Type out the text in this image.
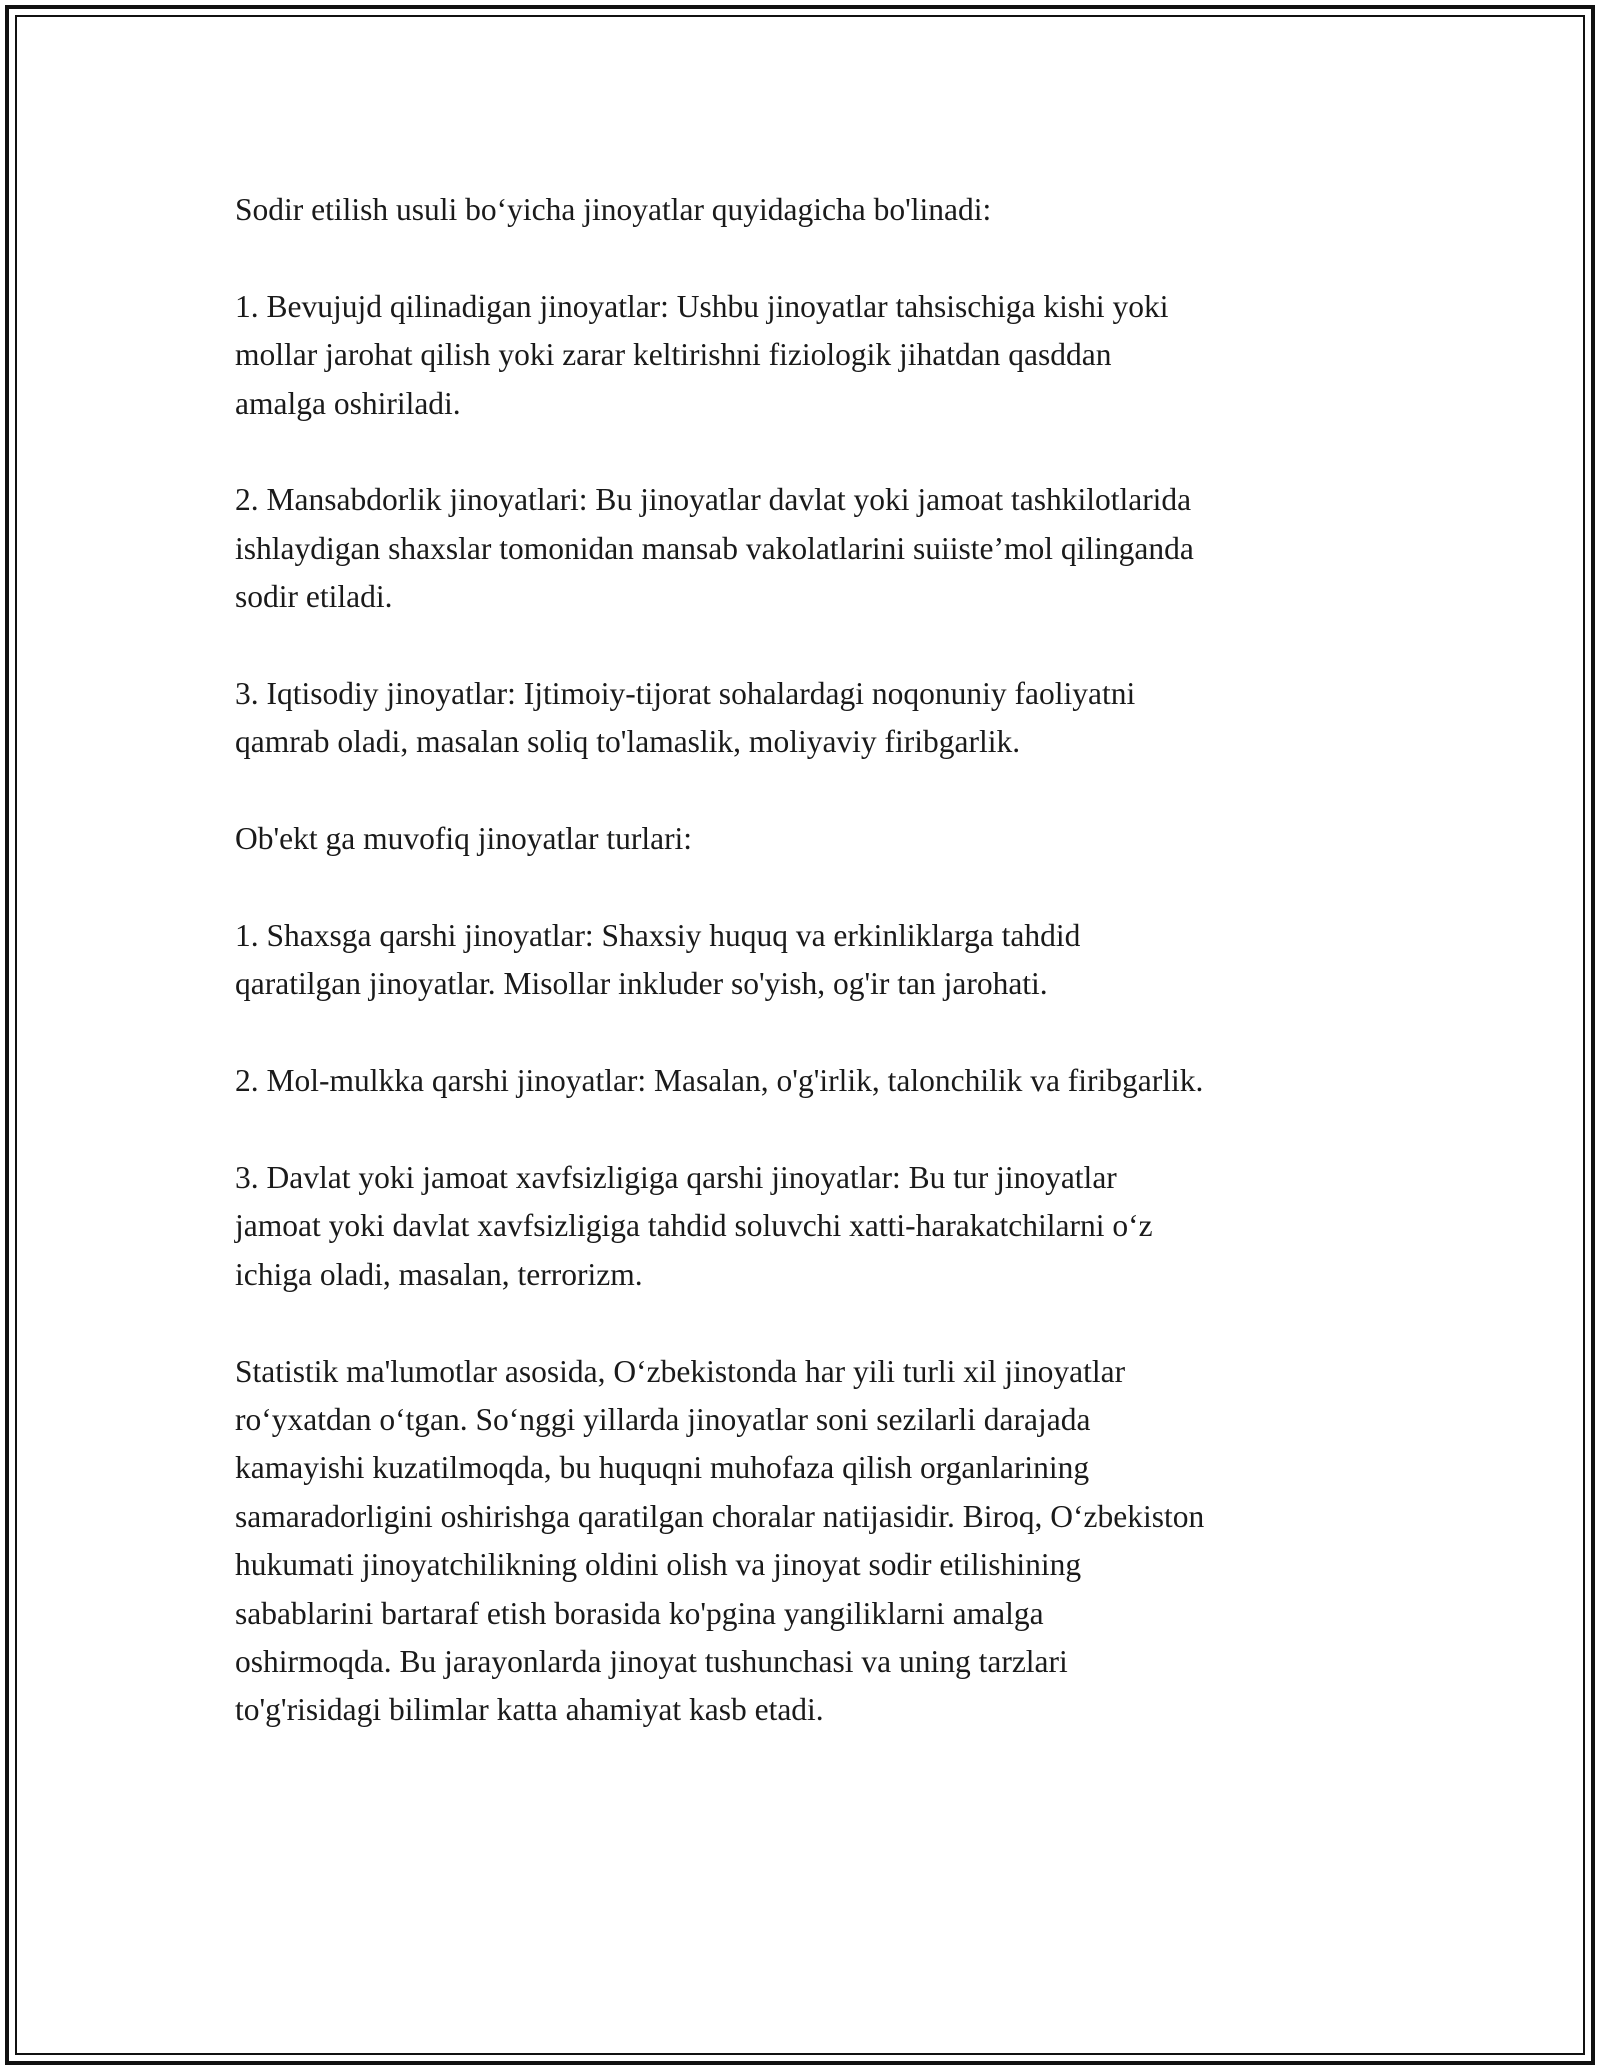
Sodir etilish usuli bo‘yicha jinoyatlar quyidagicha bo'linadi:

1. Bevujujd qilinadigan jinoyatlar: Ushbu jinoyatlar tahsischiga kishi yoki
mollar jarohat qilish yoki zarar keltirishni fiziologik jihatdan qasddan
amalga oshiriladi.

2. Mansabdorlik jinoyatlari: Bu jinoyatlar davlat yoki jamoat tashkilotlarida
ishlaydigan shaxslar tomonidan mansab vakolatlarini suiiste’mol qilinganda
sodir etiladi.

3. Iqtisodiy jinoyatlar: Ijtimoiy-tijorat sohalardagi noqonuniy faoliyatni
qamrab oladi, masalan soliq to'lamaslik, moliyaviy firibgarlik.

Ob'ekt ga muvofiq jinoyatlar turlari:

1. Shaxsga qarshi jinoyatlar: Shaxsiy huquq va erkinliklarga tahdid
qaratilgan jinoyatlar. Misollar inkluder so'yish, og'ir tan jarohati.

2. Mol-mulkka qarshi jinoyatlar: Masalan, o'g'irlik, talonchilik va firibgarlik.

3. Davlat yoki jamoat xavfsizligiga qarshi jinoyatlar: Bu tur jinoyatlar
jamoat yoki davlat xavfsizligiga tahdid soluvchi xatti-harakatchilarni o‘z
ichiga oladi, masalan, terrorizm.

Statistik ma'lumotlar asosida, O‘zbekistonda har yili turli xil jinoyatlar
ro‘yxatdan o‘tgan. So‘nggi yillarda jinoyatlar soni sezilarli darajada
kamayishi kuzatilmoqda, bu huquqni muhofaza qilish organlarining
samaradorligini oshirishga qaratilgan choralar natijasidir. Biroq, O‘zbekiston
hukumati jinoyatchilikning oldini olish va jinoyat sodir etilishining
sabablarini bartaraf etish borasida ko'pgina yangiliklarni amalga
oshirmoqda. Bu jarayonlarda jinoyat tushunchasi va uning tarzlari
to'g'risidagi bilimlar katta ahamiyat kasb etadi.
